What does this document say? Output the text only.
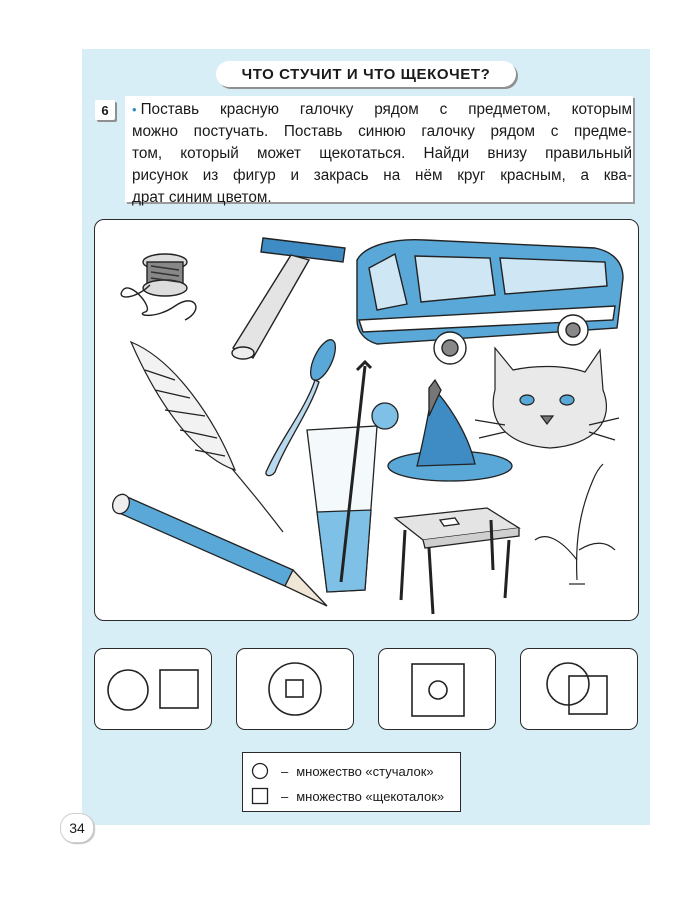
ЧТО СТУЧИТ И ЧТО ЩЕКОЧЕТ?
6	• Поставь красную галочку рядом с предметом, которым
можно постучать. Поставь синюю галочку рядом с предме-
том, который может щекотаться. Найди внизу правильный
рисунок из фигур и закрась на нём круг красным, а ква-
драт синим цветом.
– множество «стучалок»
– множество «щекоталок»
34
